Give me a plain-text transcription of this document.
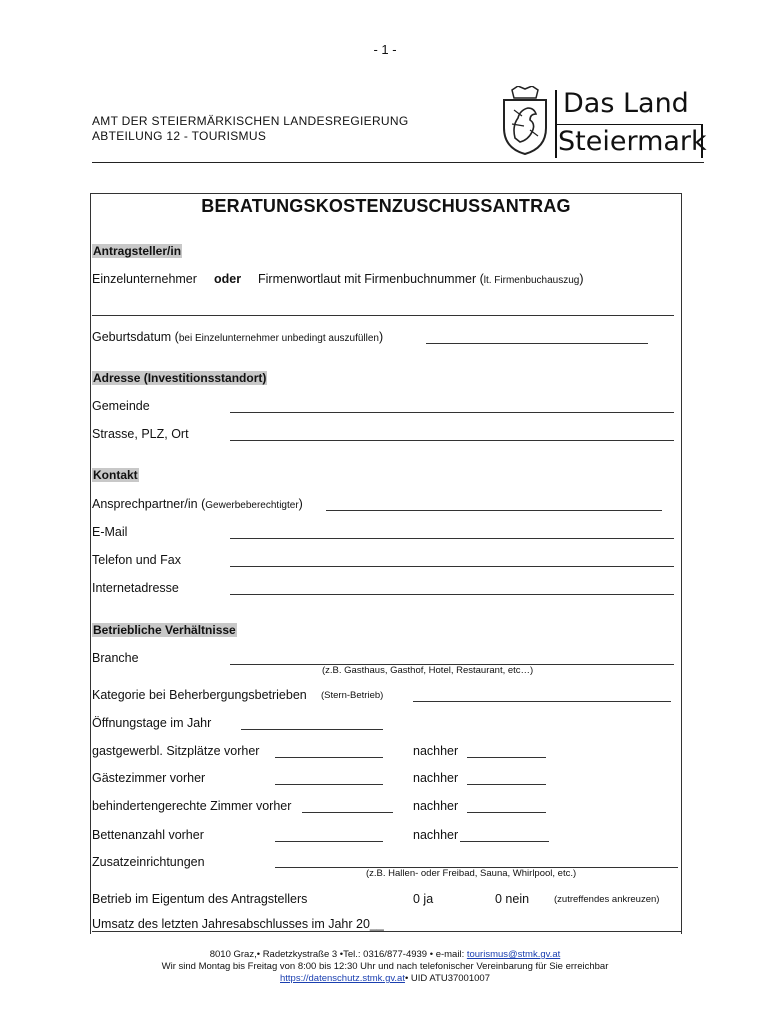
- 1 -
AMT DER STEIERMÄRKISCHEN LANDESREGIERUNG
ABTEILUNG 12 - TOURISMUS
Das Land
Steiermark
BERATUNGSKOSTENZUSCHUSSANTRAG
Antragsteller/in
Einzelunternehmer oder Firmenwortlaut mit Firmenbuchnummer (lt. Firmenbuchauszug)
Geburtsdatum (bei Einzelunternehmer unbedingt auszufüllen)
Adresse (Investitionsstandort)
Gemeinde
Strasse, PLZ, Ort
Kontakt
Ansprechpartner/in (Gewerbeberechtigter)
E-Mail
Telefon und Fax
Internetadresse
Betriebliche Verhältnisse
Branche
(z.B. Gasthaus, Gasthof, Hotel, Restaurant, etc…)
Kategorie bei Beherbergungsbetrieben (Stern-Betrieb)
Öffnungstage im Jahr
gastgewerbl. Sitzplätze vorher	nachher
Gästezimmer vorher	nachher
behindertengerechte Zimmer vorher	nachher
Bettenanzahl vorher	nachher
Zusatzeinrichtungen
(z.B. Hallen- oder Freibad, Sauna, Whirlpool, etc.)
Betrieb im Eigentum des Antragstellers	0 ja	0 nein	(zutreffendes ankreuzen)
Umsatz des letzten Jahresabschlusses im Jahr 20__
8010 Graz,• Radetzkystraße 3 •Tel.: 0316/877-4939 • e-mail: tourismus@stmk.gv.at
Wir sind Montag bis Freitag von 8:00 bis 12:30 Uhr und nach telefonischer Vereinbarung für Sie erreichbar
https://datenschutz.stmk.gv.at• UID ATU37001007
